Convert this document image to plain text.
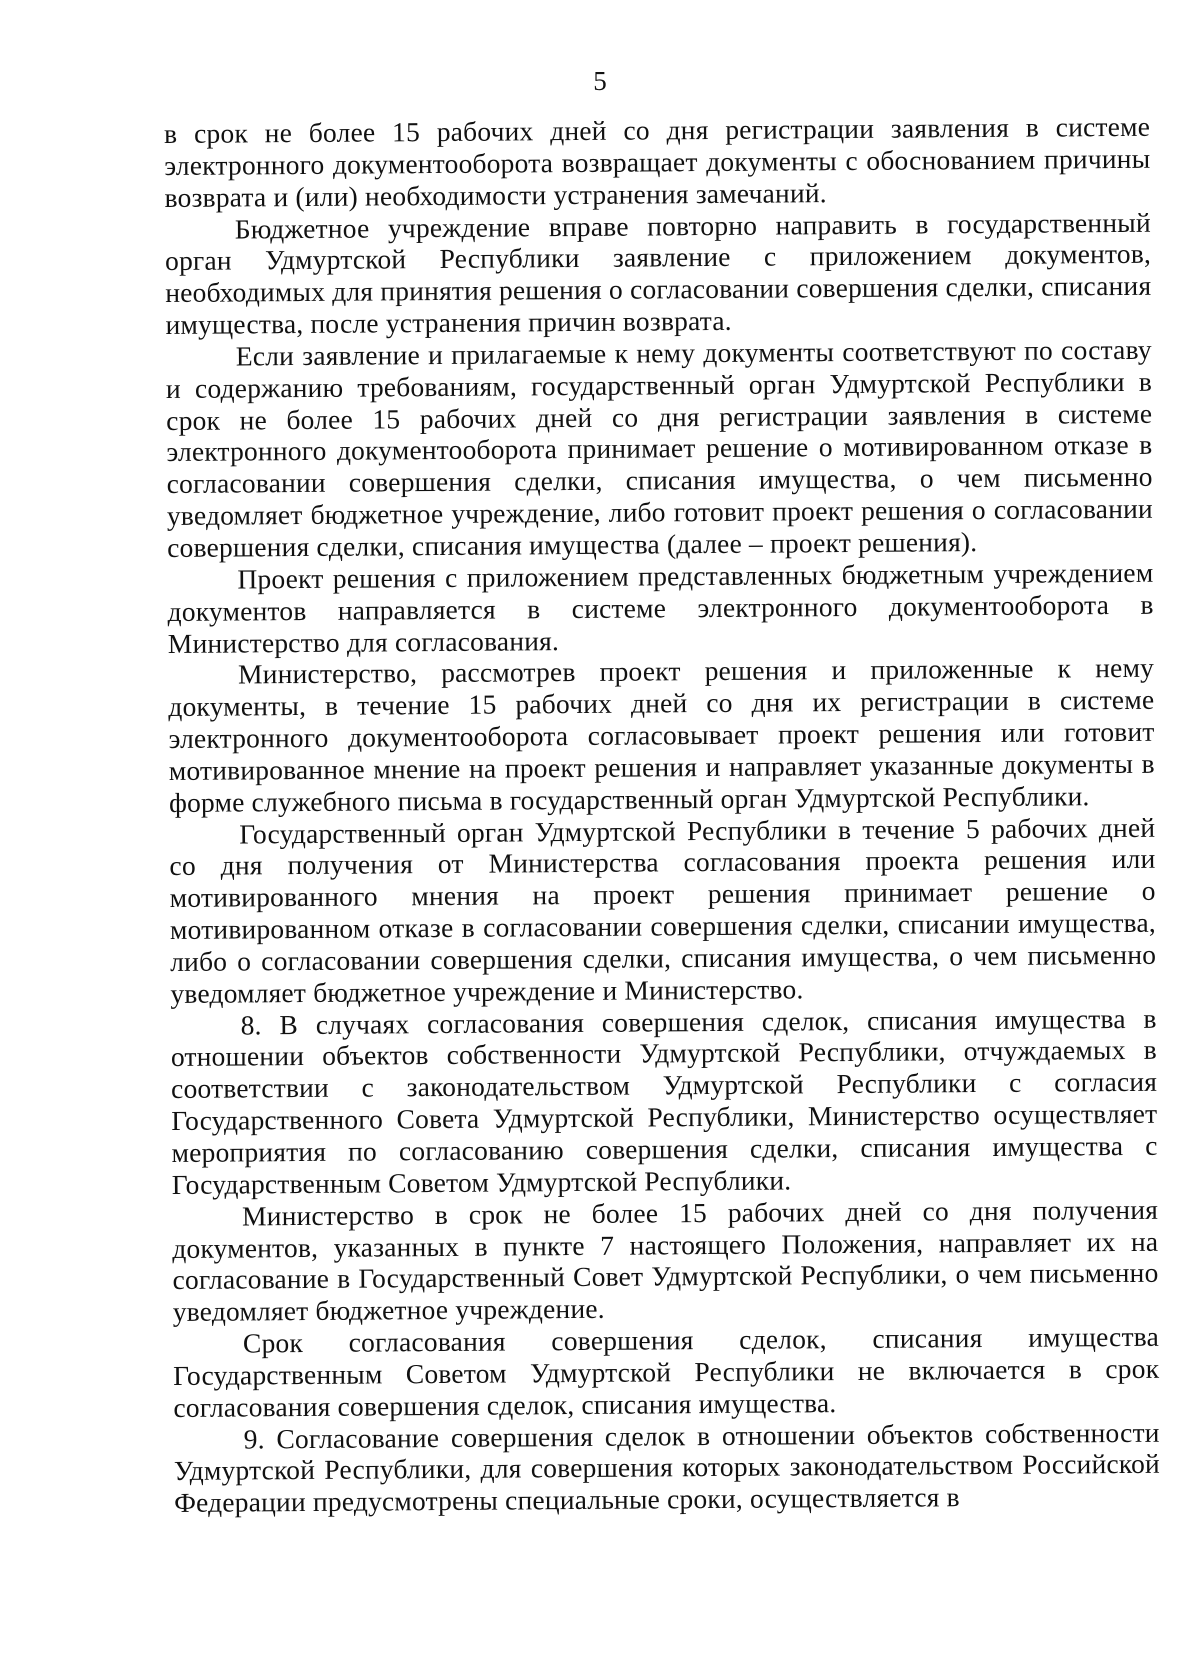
5

в срок не более 15 рабочих дней со дня регистрации заявления в системе электронного документооборота возвращает документы с обоснованием причины возврата и (или) необходимости устранения замечаний.

Бюджетное учреждение вправе повторно направить в государственный орган Удмуртской Республики заявление с приложением документов, необходимых для принятия решения о согласовании совершения сделки, списания имущества, после устранения причин возврата.

Если заявление и прилагаемые к нему документы соответствуют по составу и содержанию требованиям, государственный орган Удмуртской Республики в срок не более 15 рабочих дней со дня регистрации заявления в системе электронного документооборота принимает решение о мотивированном отказе в согласовании совершения сделки, списания имущества, о чем письменно уведомляет бюджетное учреждение, либо готовит проект решения о согласовании совершения сделки, списания имущества (далее – проект решения).

Проект решения с приложением представленных бюджетным учреждением документов направляется в системе электронного документооборота в Министерство для согласования.

Министерство, рассмотрев проект решения и приложенные к нему документы, в течение 15 рабочих дней со дня их регистрации в системе электронного документооборота согласовывает проект решения или готовит мотивированное мнение на проект решения и направляет указанные документы в форме служебного письма в государственный орган Удмуртской Республики.

Государственный орган Удмуртской Республики в течение 5 рабочих дней со дня получения от Министерства согласования проекта решения или мотивированного мнения на проект решения принимает решение о мотивированном отказе в согласовании совершения сделки, списании имущества, либо о согласовании совершения сделки, списания имущества, о чем письменно уведомляет бюджетное учреждение и Министерство.

8. В случаях согласования совершения сделок, списания имущества в отношении объектов собственности Удмуртской Республики, отчуждаемых в соответствии с законодательством Удмуртской Республики с согласия Государственного Совета Удмуртской Республики, Министерство осуществляет мероприятия по согласованию совершения сделки, списания имущества с Государственным Советом Удмуртской Республики.

Министерство в срок не более 15 рабочих дней со дня получения документов, указанных в пункте 7 настоящего Положения, направляет их на согласование в Государственный Совет Удмуртской Республики, о чем письменно уведомляет бюджетное учреждение.

Срок согласования совершения сделок, списания имущества Государственным Советом Удмуртской Республики не включается в срок согласования совершения сделок, списания имущества.

9. Согласование совершения сделок в отношении объектов собственности Удмуртской Республики, для совершения которых законодательством Российской Федерации предусмотрены специальные сроки, осуществляется в
